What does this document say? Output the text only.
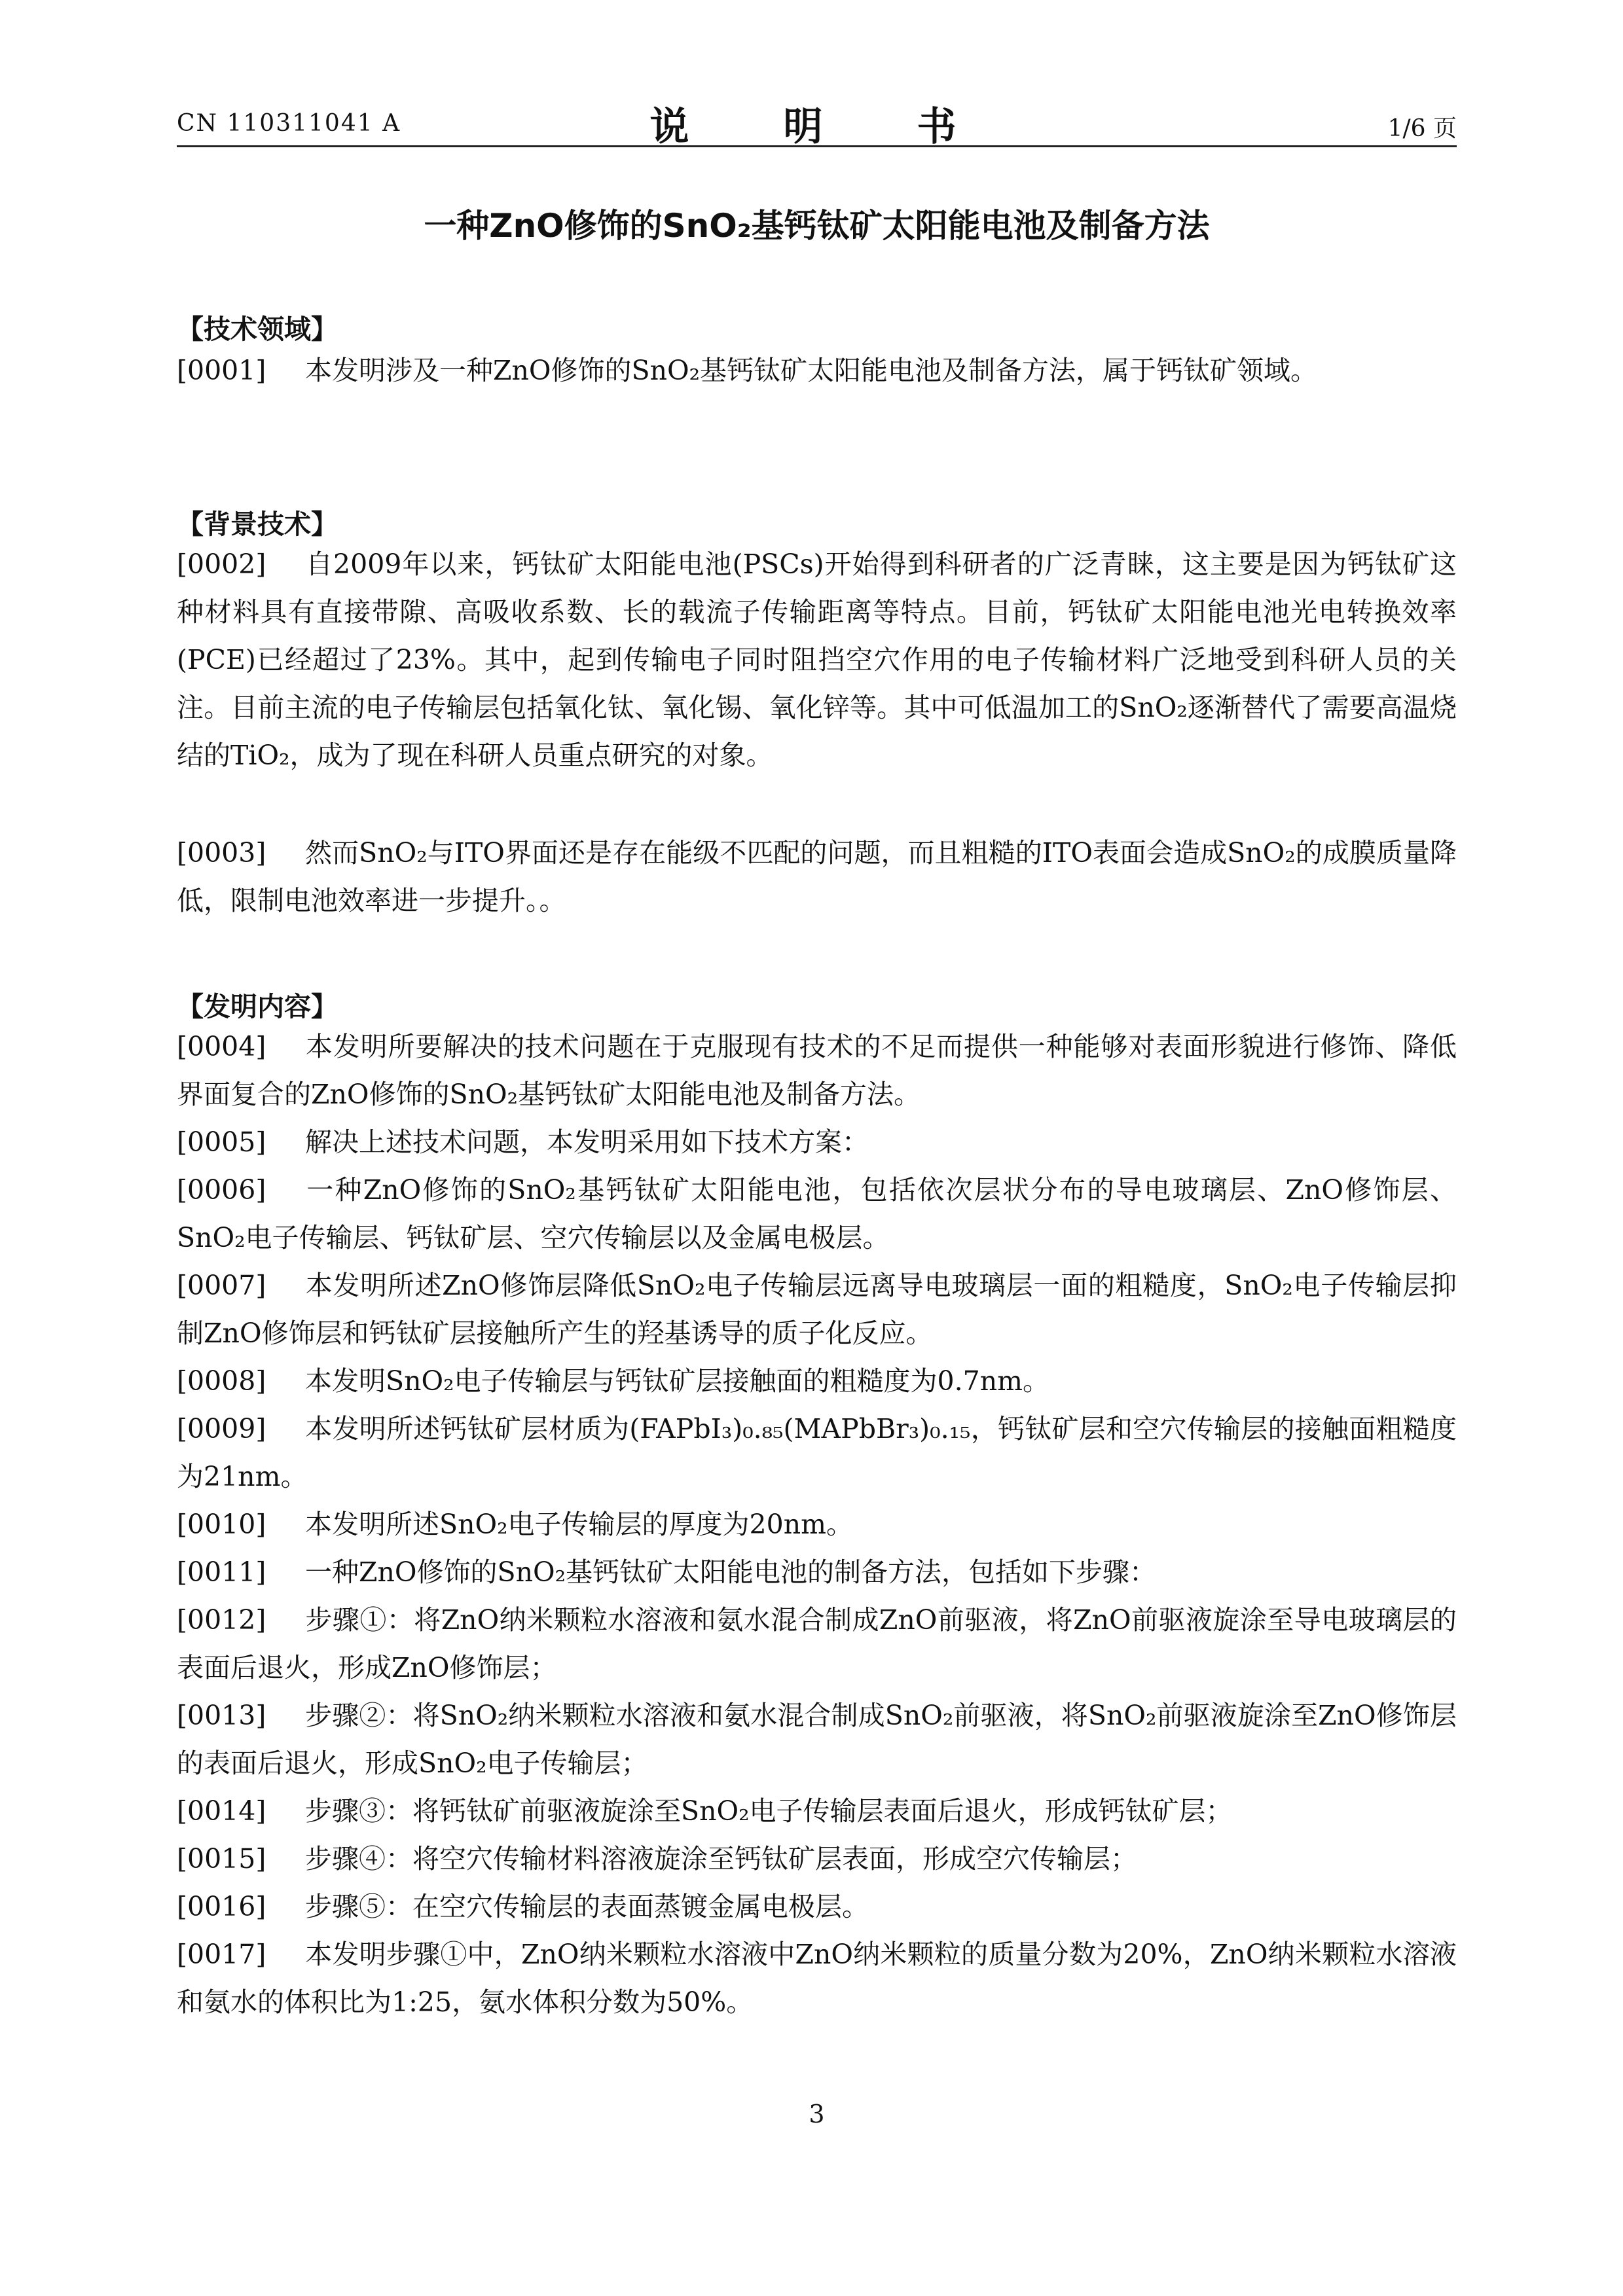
CN 110311041 A	说　明　书	1/6 页
一种ZnO修饰的SnO₂基钙钛矿太阳能电池及制备方法
【技术领域】
[0001] 本发明涉及一种ZnO修饰的SnO₂基钙钛矿太阳能电池及制备方法，属于钙钛矿领域。
【背景技术】
[0002] 自2009年以来，钙钛矿太阳能电池(PSCs)开始得到科研者的广泛青睐，这主要是因为钙钛矿这种材料具有直接带隙、高吸收系数、长的载流子传输距离等特点。目前，钙钛矿太阳能电池光电转换效率(PCE)已经超过了23%。其中，起到传输电子同时阻挡空穴作用的电子传输材料广泛地受到科研人员的关注。目前主流的电子传输层包括氧化钛、氧化锡、氧化锌等。其中可低温加工的SnO₂逐渐替代了需要高温烧结的TiO₂，成为了现在科研人员重点研究的对象。
[0003] 然而SnO₂与ITO界面还是存在能级不匹配的问题，而且粗糙的ITO表面会造成SnO₂的成膜质量降低，限制电池效率进一步提升。。
【发明内容】
[0004] 本发明所要解决的技术问题在于克服现有技术的不足而提供一种能够对表面形貌进行修饰、降低界面复合的ZnO修饰的SnO₂基钙钛矿太阳能电池及制备方法。
[0005] 解决上述技术问题，本发明采用如下技术方案：
[0006] 一种ZnO修饰的SnO₂基钙钛矿太阳能电池，包括依次层状分布的导电玻璃层、ZnO修饰层、SnO₂电子传输层、钙钛矿层、空穴传输层以及金属电极层。
[0007] 本发明所述ZnO修饰层降低SnO₂电子传输层远离导电玻璃层一面的粗糙度，SnO₂电子传输层抑制ZnO修饰层和钙钛矿层接触所产生的羟基诱导的质子化反应。
[0008] 本发明SnO₂电子传输层与钙钛矿层接触面的粗糙度为0.7nm。
[0009] 本发明所述钙钛矿层材质为(FAPbI₃)₀.₈₅(MAPbBr₃)₀.₁₅，钙钛矿层和空穴传输层的接触面粗糙度为21nm。
[0010] 本发明所述SnO₂电子传输层的厚度为20nm。
[0011] 一种ZnO修饰的SnO₂基钙钛矿太阳能电池的制备方法，包括如下步骤：
[0012] 步骤①：将ZnO纳米颗粒水溶液和氨水混合制成ZnO前驱液，将ZnO前驱液旋涂至导电玻璃层的表面后退火，形成ZnO修饰层；
[0013] 步骤②：将SnO₂纳米颗粒水溶液和氨水混合制成SnO₂前驱液，将SnO₂前驱液旋涂至ZnO修饰层的表面后退火，形成SnO₂电子传输层；
[0014] 步骤③：将钙钛矿前驱液旋涂至SnO₂电子传输层表面后退火，形成钙钛矿层；
[0015] 步骤④：将空穴传输材料溶液旋涂至钙钛矿层表面，形成空穴传输层；
[0016] 步骤⑤：在空穴传输层的表面蒸镀金属电极层。
[0017] 本发明步骤①中，ZnO纳米颗粒水溶液中ZnO纳米颗粒的质量分数为20%，ZnO纳米颗粒水溶液和氨水的体积比为1:25，氨水体积分数为50%。
3
